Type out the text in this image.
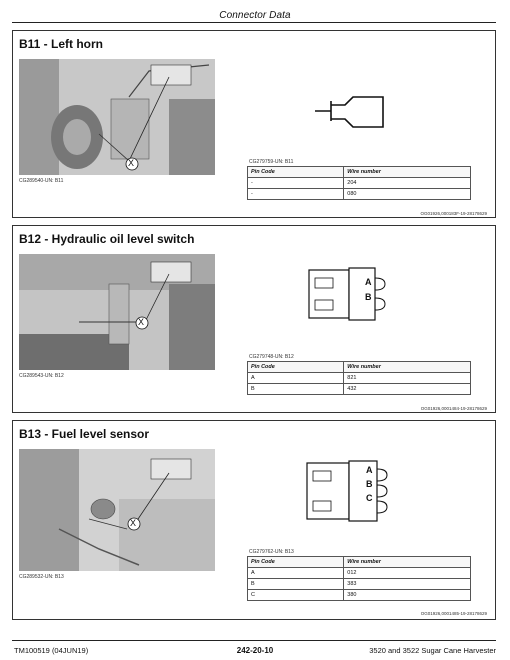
Connector Data
B11 - Left horn
X
CG289540-UN: B11
CG279759-UN: B11
Pin Code	Wire number
-	204
-	080
OG01926,000183F-19-28178629
B12 - Hydraulic oil level switch
X
CG289543-UN: B12
A
B
CG279748-UN: B12
Pin Code	Wire number
A	821
B	432
OG01926,0001484-19-28178629
B13 - Fuel level sensor
X
CG289532-UN: B13
A
B
C
CG279762-UN: B13
Pin Code	Wire number
A	012
B	383
C	380
OG01926,0001485-19-28178629
TM100519 (04JUN19)	242-20-10	3520 and 3522 Sugar Cane Harvester
